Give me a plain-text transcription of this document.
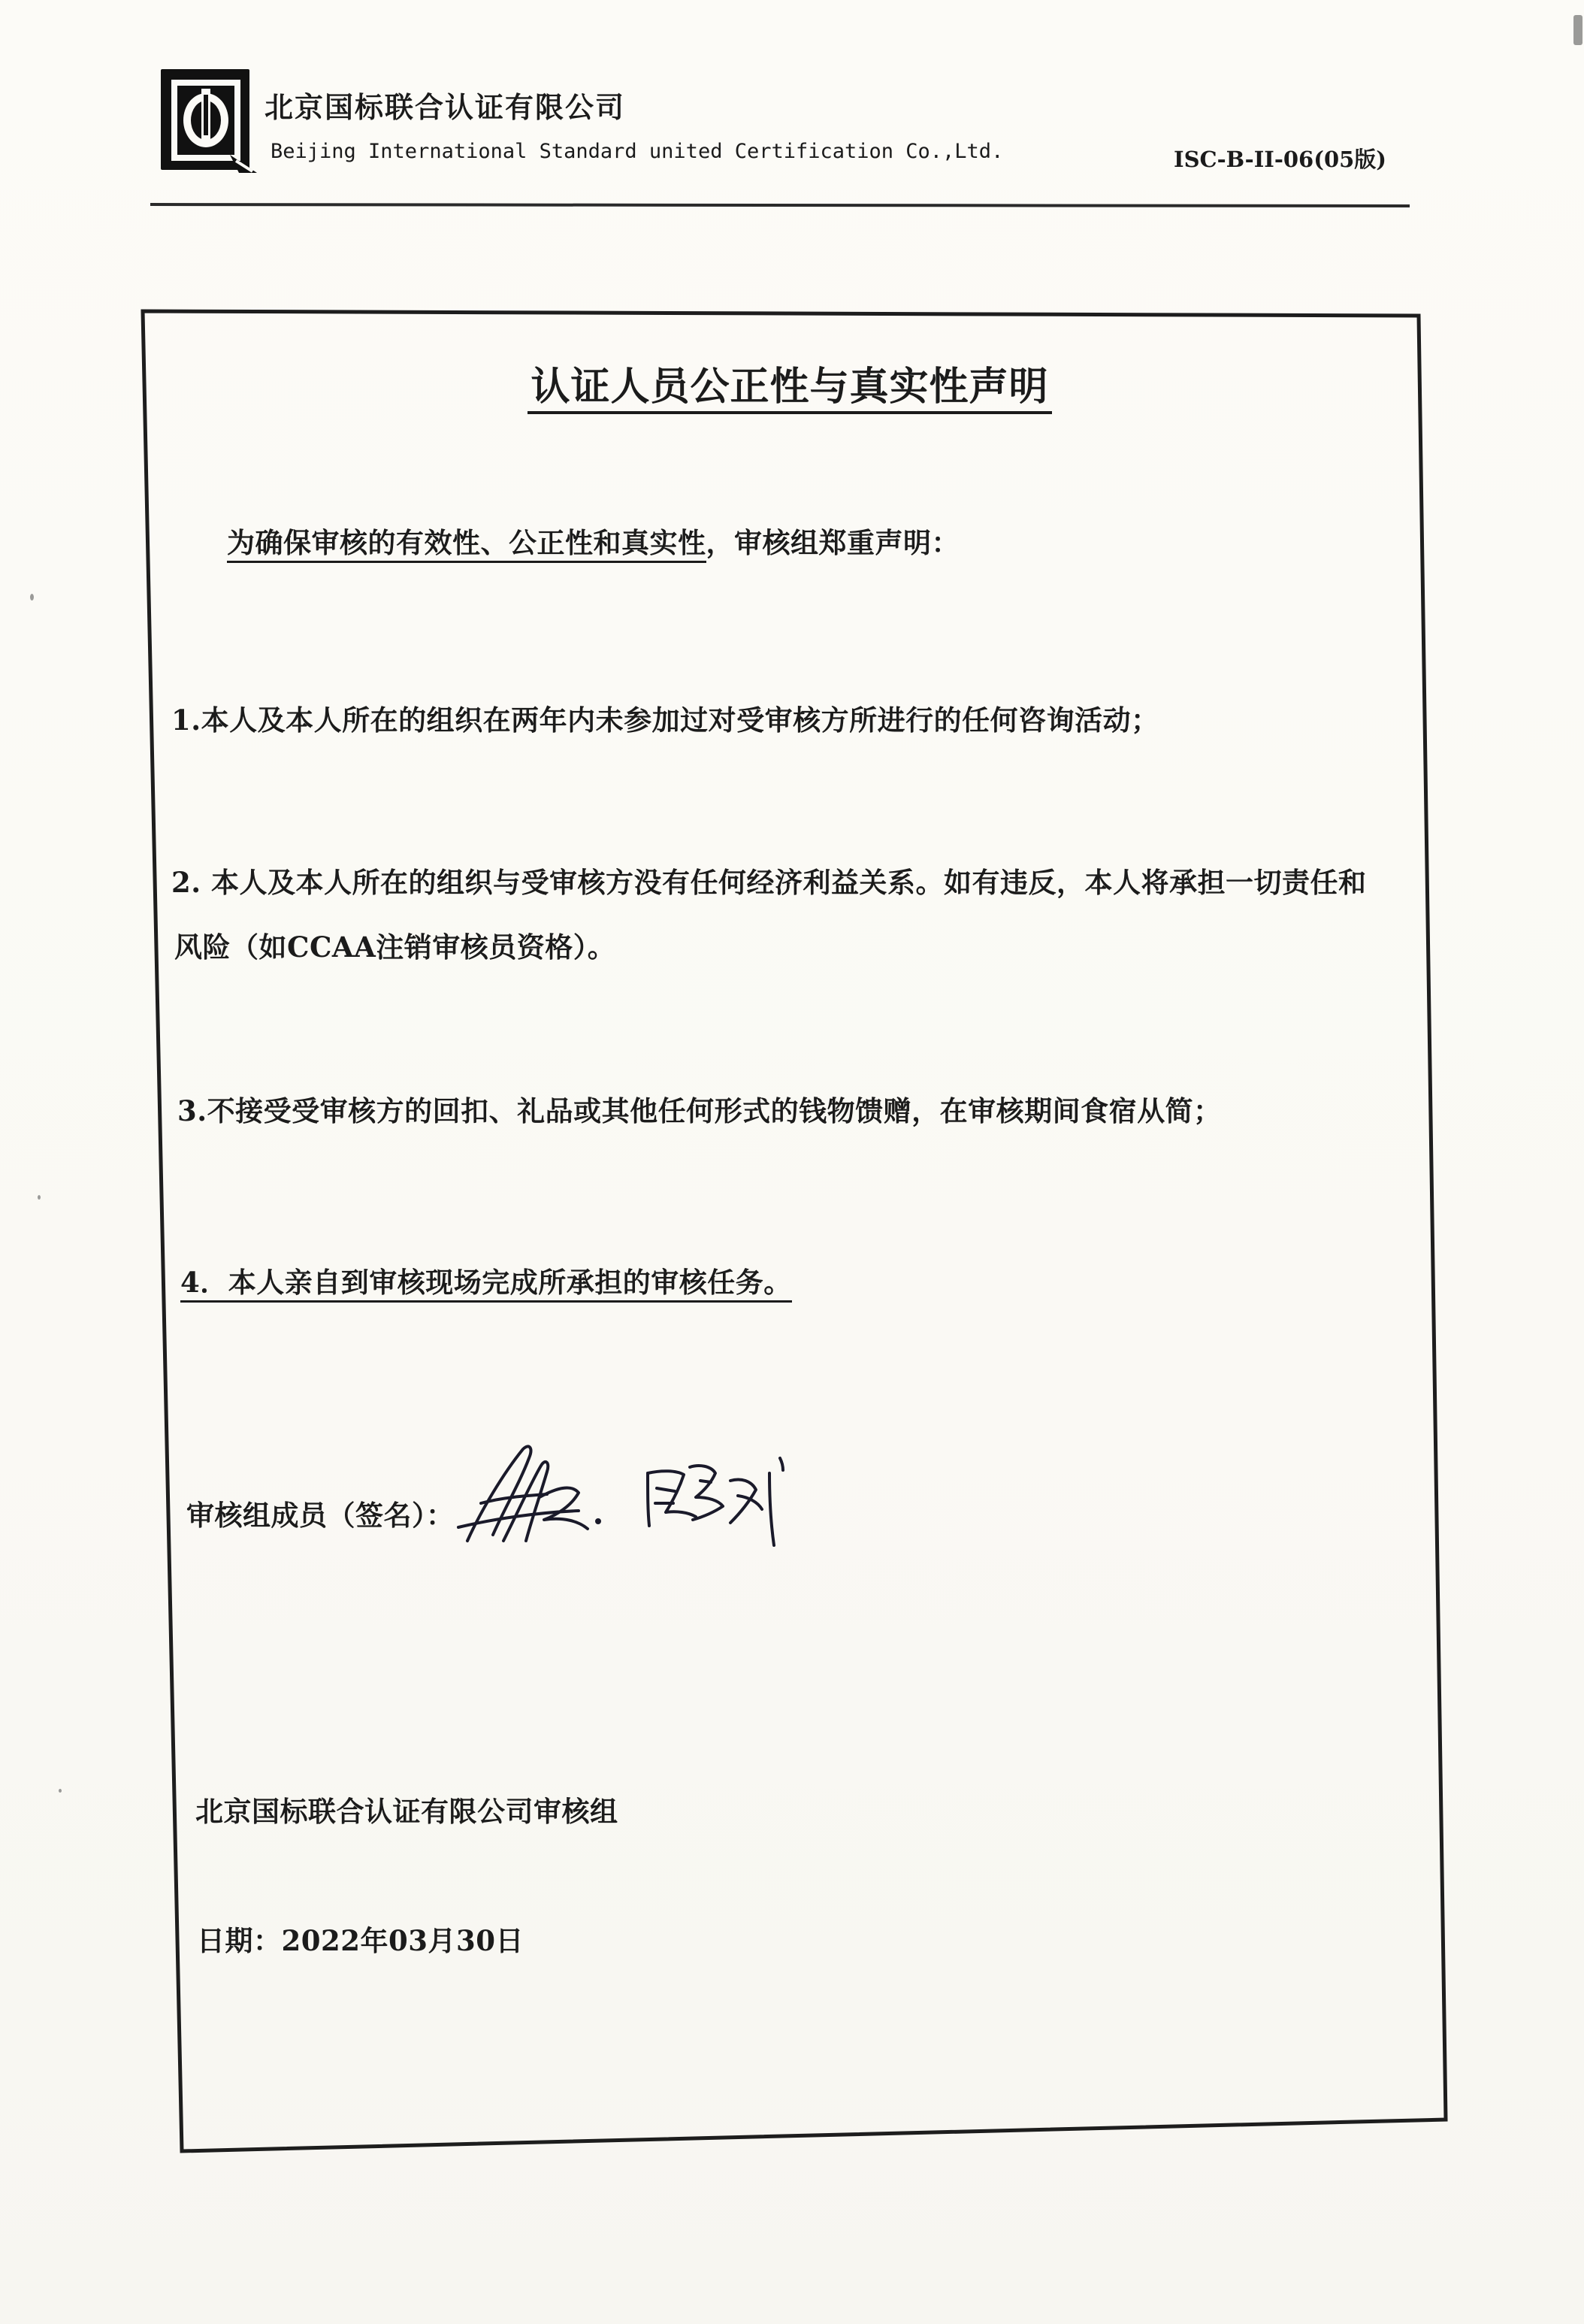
北京国标联合认证有限公司
Beijing International Standard united Certification Co.,Ltd.	ISC-B-II-06(05版)
认证人员公正性与真实性声明
为确保审核的有效性、公正性和真实性，审核组郑重声明：
1.本人及本人所在的组织在两年内未参加过对受审核方所进行的任何咨询活动；
2. 本人及本人所在的组织与受审核方没有任何经济利益关系。如有违反，本人将承担一切责任和
风险（如CCAA注销审核员资格）。
3.不接受受审核方的回扣、礼品或其他任何形式的钱物馈赠，在审核期间食宿从简；
4．本人亲自到审核现场完成所承担的审核任务。
审核组成员（签名）：
北京国标联合认证有限公司审核组
日期：2022年03月30日
